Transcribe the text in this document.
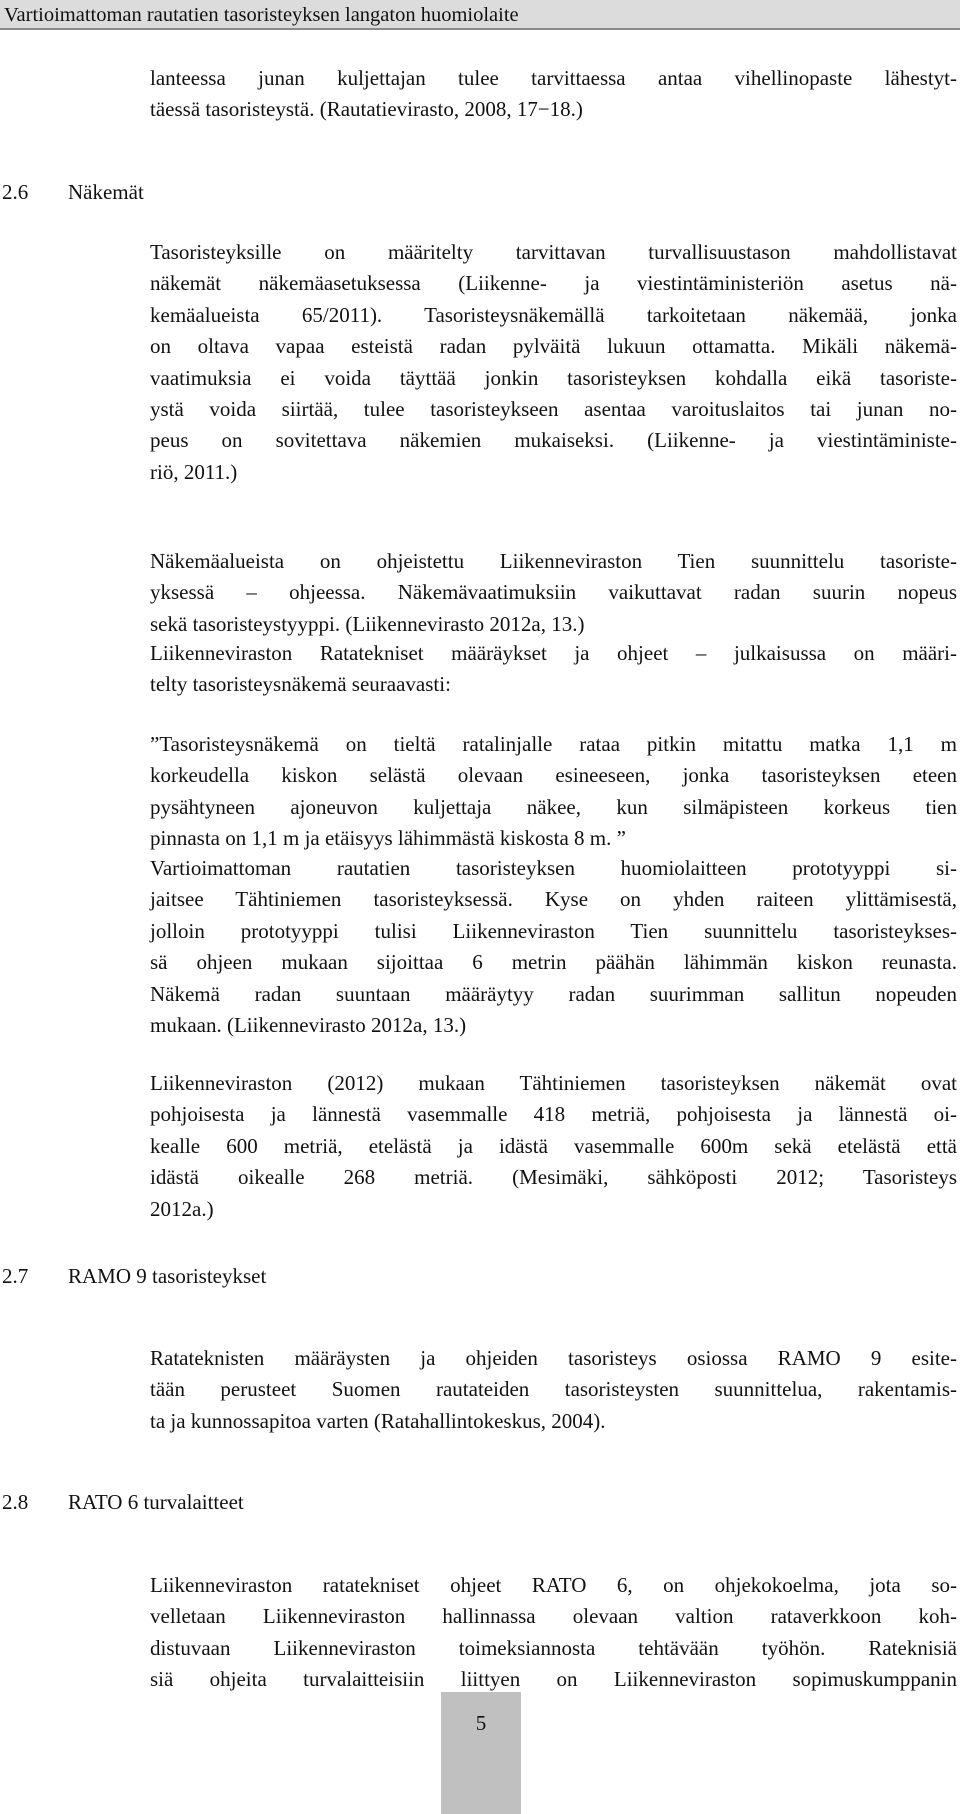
Vartioimattoman rautatien tasoristeyksen langaton huomiolaite
2.6 Näkemät
2.7 RAMO 9 tasoristeykset
2.8 RATO 6 turvalaitteet
lanteessa junan kuljettajan tulee tarvittaessa antaa vihellinopaste lähestyt-
täessä tasoristeystä. (Rautatievirasto, 2008, 17−18.)
Tasoristeyksille on määritelty tarvittavan turvallisuustason mahdollistavat
näkemät näkemäasetuksessa (Liikenne- ja viestintäministeriön asetus nä-
kemäalueista 65/2011). Tasoristeysnäkemällä tarkoitetaan näkemää, jonka
on oltava vapaa esteistä radan pylväitä lukuun ottamatta. Mikäli näkemä-
vaatimuksia ei voida täyttää jonkin tasoristeyksen kohdalla eikä tasoriste-
ystä voida siirtää, tulee tasoristeykseen asentaa varoituslaitos tai junan no-
peus on sovitettava näkemien mukaiseksi. (Liikenne- ja viestintäministe-
riö, 2011.)
Näkemäalueista on ohjeistettu Liikenneviraston Tien suunnittelu tasoriste-
yksessä – ohjeessa. Näkemävaatimuksiin vaikuttavat radan suurin nopeus
sekä tasoristeystyyppi. (Liikennevirasto 2012a, 13.)
Liikenneviraston Ratatekniset määräykset ja ohjeet – julkaisussa on määri-
telty tasoristeysnäkemä seuraavasti:
”Tasoristeysnäkemä on tieltä ratalinjalle rataa pitkin mitattu matka 1,1 m
korkeudella kiskon selästä olevaan esineeseen, jonka tasoristeyksen eteen
pysähtyneen ajoneuvon kuljettaja näkee, kun silmäpisteen korkeus tien
pinnasta on 1,1 m ja etäisyys lähimmästä kiskosta 8 m. ”
Vartioimattoman rautatien tasoristeyksen huomiolaitteen prototyyppi si-
jaitsee Tähtiniemen tasoristeyksessä. Kyse on yhden raiteen ylittämisestä,
jolloin prototyyppi tulisi Liikenneviraston Tien suunnittelu tasoristeykses-
sä ohjeen mukaan sijoittaa 6 metrin päähän lähimmän kiskon reunasta.
Näkemä radan suuntaan määräytyy radan suurimman sallitun nopeuden
mukaan. (Liikennevirasto 2012a, 13.)
Liikenneviraston (2012) mukaan Tähtiniemen tasoristeyksen näkemät ovat
pohjoisesta ja lännestä vasemmalle 418 metriä, pohjoisesta ja lännestä oi-
kealle 600 metriä, etelästä ja idästä vasemmalle 600m sekä etelästä että
idästä oikealle 268 metriä. (Mesimäki, sähköposti 2012; Tasoristeys
2012a.)
Ratateknisten määräysten ja ohjeiden tasoristeys osiossa RAMO 9 esite-
tään perusteet Suomen rautateiden tasoristeysten suunnittelua, rakentamis-
ta ja kunnossapitoa varten (Ratahallintokeskus, 2004).
Liikenneviraston ratatekniset ohjeet RATO 6, on ohjekokoelma, jota so-
velletaan Liikenneviraston hallinnassa olevaan valtion rataverkkoon koh-
distuvaan Liikenneviraston toimeksiannosta tehtävään työhön. Rateknisiä
siä ohjeita turvalaitteisiin liittyen on Liikenneviraston sopimuskumppanin
5
